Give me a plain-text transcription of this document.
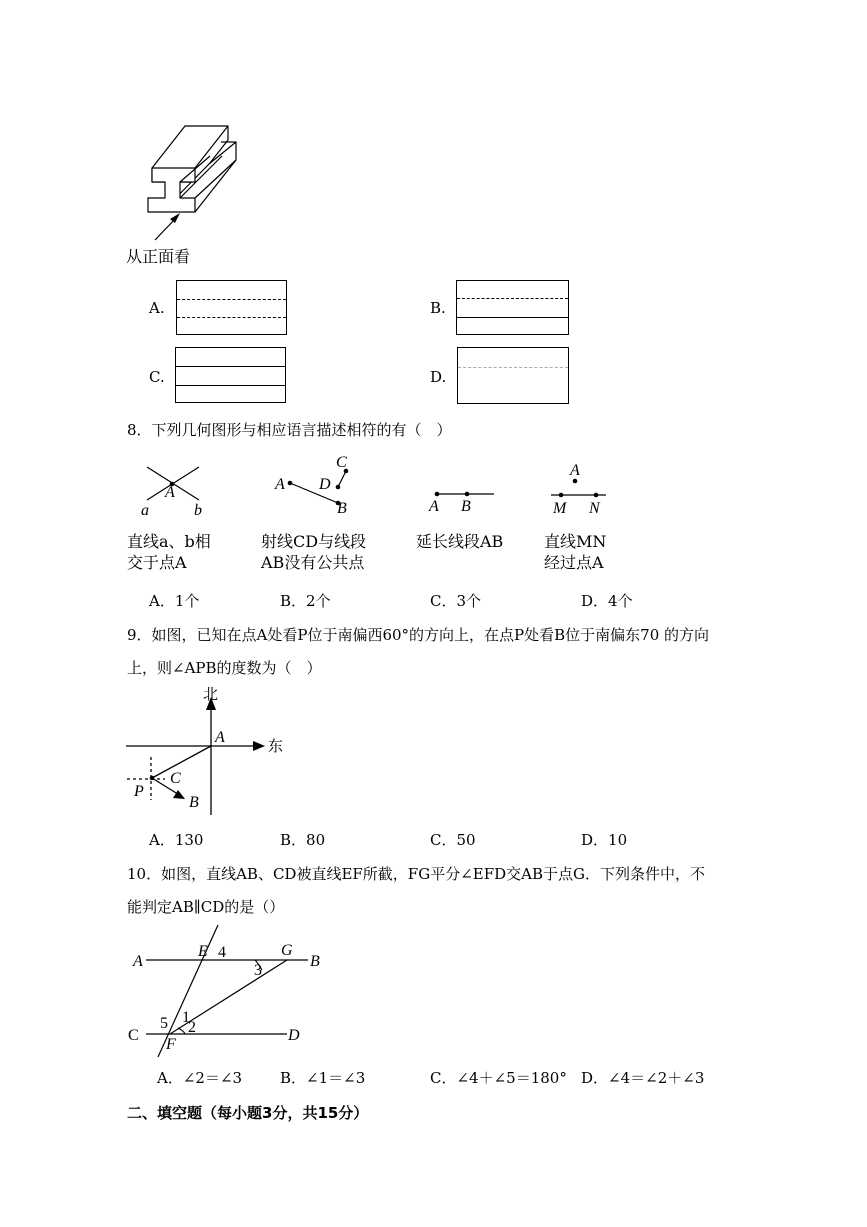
从正面看
A.	B.
C.	D.
8．下列几何图形与相应语言描述相符的有（　）
a
A
b
A
C
D
B	A B
A
M N
直线a、b相
交于点A
射线CD与线段
AB没有公共点
延长线段AB	直线MN
经过点A
A．1个	B．2个	C．3个	D．4个
9．如图，已知在点A处看P位于南偏西60°的方向上，在点P处看B位于南偏东70 的方向
上，则∠APB的度数为（　）
北
东
A
C
P
B
A．130	B．80	C．50	D．10
10．如图，直线AB、CD被直线EF所截，FG平分∠EFD交AB于点G．下列条件中，不
能判定AB∥CD的是（）
A
E 4	G
B
3
1
5 2
C
F
D
A．∠2＝∠3	B．∠1＝∠3	C．∠4＋∠5＝180° D．∠4＝∠2＋∠3
二、填空题（每小题3分，共15分）
